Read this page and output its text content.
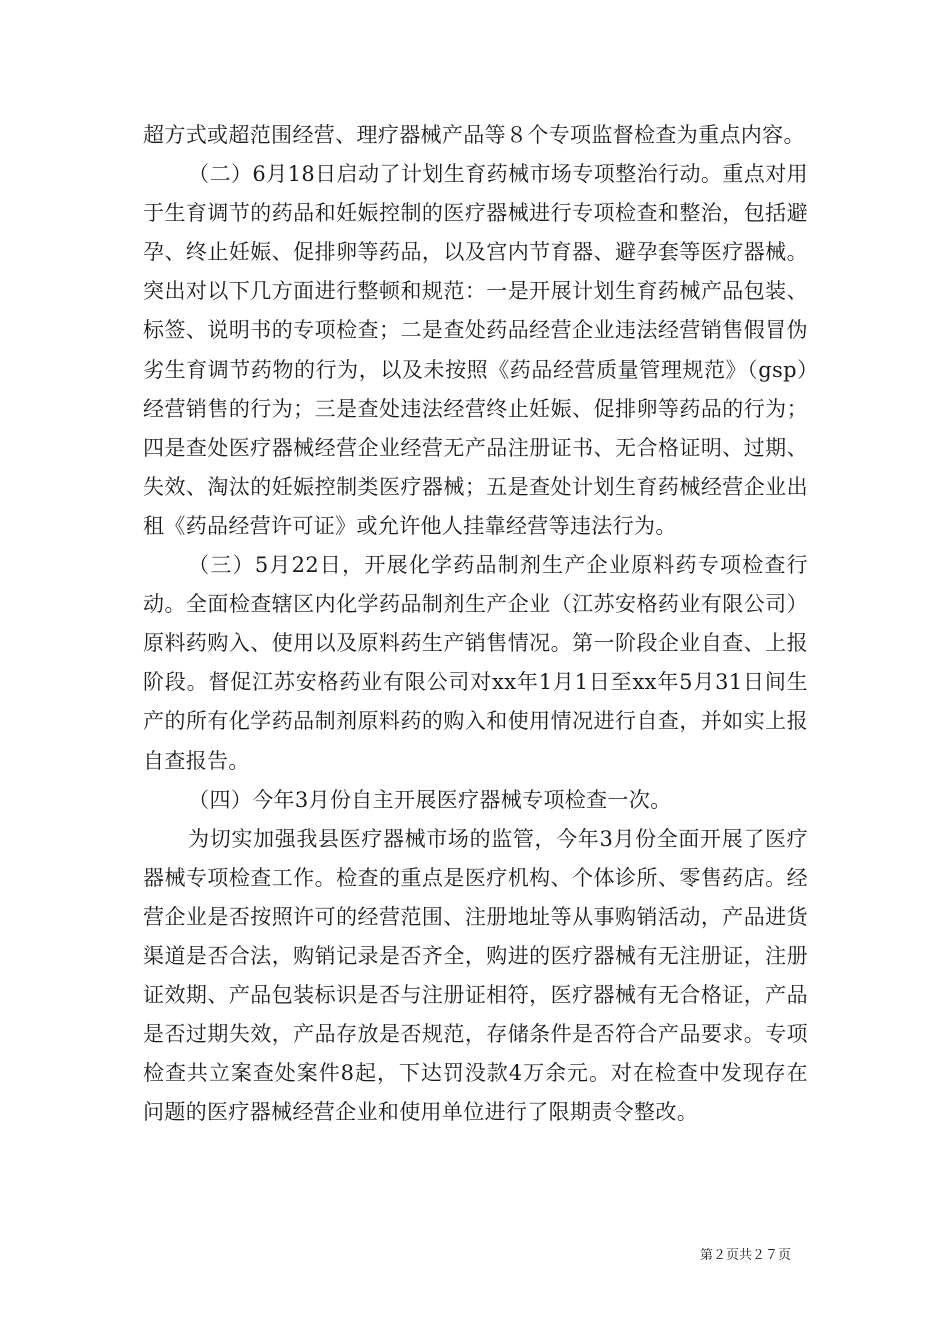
超方式或超范围经营、理疗器械产品等８个专项监督检查为重点内容。

（二）6月18日启动了计划生育药械市场专项整治行动。重点对用于生育调节的药品和妊娠控制的医疗器械进行专项检查和整治，包括避孕、终止妊娠、促排卵等药品，以及宫内节育器、避孕套等医疗器械。突出对以下几方面进行整顿和规范：一是开展计划生育药械产品包装、标签、说明书的专项检查；二是查处药品经营企业违法经营销售假冒伪劣生育调节药物的行为，以及未按照《药品经营质量管理规范》（gsp）经营销售的行为；三是查处违法经营终止妊娠、促排卵等药品的行为；四是查处医疗器械经营企业经营无产品注册证书、无合格证明、过期、失效、淘汰的妊娠控制类医疗器械；五是查处计划生育药械经营企业出租《药品经营许可证》或允许他人挂靠经营等违法行为。

（三）5月22日，开展化学药品制剂生产企业原料药专项检查行动。全面检查辖区内化学药品制剂生产企业（江苏安格药业有限公司）原料药购入、使用以及原料药生产销售情况。第一阶段企业自查、上报阶段。督促江苏安格药业有限公司对xx年1月1日至xx年5月31日间生产的所有化学药品制剂原料药的购入和使用情况进行自查，并如实上报自查报告。

（四）今年3月份自主开展医疗器械专项检查一次。

为切实加强我县医疗器械市场的监管，今年3月份全面开展了医疗器械专项检查工作。检查的重点是医疗机构、个体诊所、零售药店。经营企业是否按照许可的经营范围、注册地址等从事购销活动，产品进货渠道是否合法，购销记录是否齐全，购进的医疗器械有无注册证，注册证效期、产品包装标识是否与注册证相符，医疗器械有无合格证，产品是否过期失效，产品存放是否规范，存储条件是否符合产品要求。专项检查共立案查处案件8起，下达罚没款4万余元。对在检查中发现存在问题的医疗器械经营企业和使用单位进行了限期责令整改。

第２页共２７页
